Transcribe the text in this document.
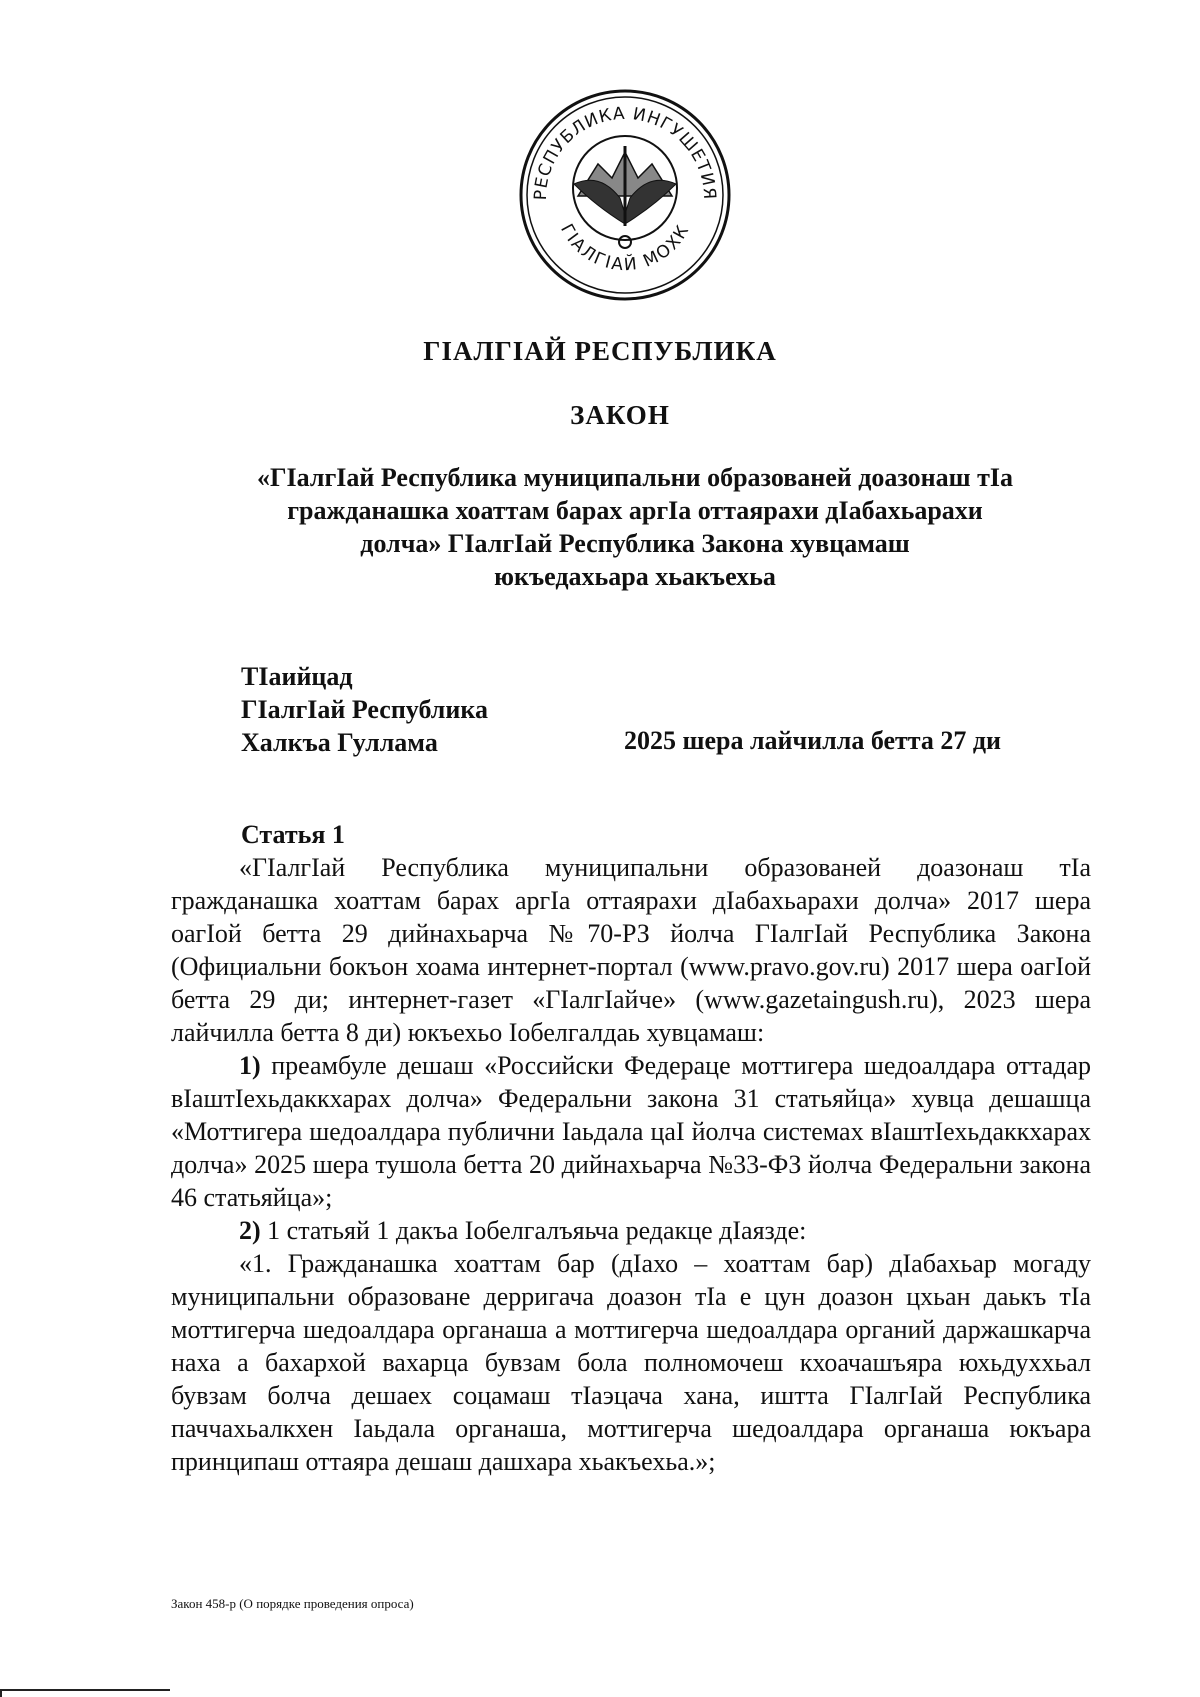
РЕСПУБЛИКА ИНГУШЕТИЯ
ГIАЛГIАЙ МОХК
ГIАЛГIАЙ РЕСПУБЛИКА
ЗАКОН
«ГIалгIай Республика муниципальни образованей доазонаш тIа
гражданашка хоаттам барах аргIа оттаярахи дIабахьарахи
долча» ГIалгIай Республика Закона хувцамаш
юкъедахьара хьакъехьа
ТIаийцад
ГIалгIай Республика
Халкъа Гуллама	2025 шера лайчилла бетта 27 ди

Статья 1

«ГIалгIай Республика муниципальни образованей доазонаш тIа гражданашка хоаттам барах аргIа оттаярахи дIабахьарахи долча» 2017 шера оагIой бетта 29 дийнахьарча №70-РЗ йолча ГIалгIай Республика Закона (Официальни бокъон хоама интернет-портал (www.pravo.gov.ru) 2017 шера оагIой бетта 29 ди; интернет-газет «ГIалгIайче» (www.gazetaingush.ru), 2023 шера лайчилла бетта 8 ди) юкъехьо Iобелгалдаь хувцамаш:

1) преамбуле дешаш «Российски Федераце моттигера шедоалдара оттадар вIаштIехьдаккхарах долча» Федеральни закона 31 статьяйца» хувца дешашца «Моттигера шедоалдара публични Iаьдала цаI йолча системах вIаштIехьдаккхарах долча» 2025 шера тушола бетта 20 дийнахьарча №33-ФЗ йолча Федеральни закона 46 статьяйца»;

2) 1 статьяй 1 дакъа Iобелгалъяьча редакце дIаязде:

«1. Гражданашка хоаттам бар (дIахо – хоаттам бар) дIабахьар могаду муниципальни образоване дерригача доазон тIа е цун доазон цхьан даькъ тIа моттигерча шедоалдара органаша а моттигерча шедоалдара органий даржашкарча наха а бахархой вахарца бувзам бола полномочеш кхоачашъяра юхьдуххьал бувзам болча дешаех соцамаш тIаэцача хана, иштта ГIалгIай Республика паччахьалкхен Iаьдала органаша, моттигерча шедоалдара органаша юкъара принципаш оттаяра дешаш дашхара хьакъехьа.»;

Закон 458-р (О порядке проведения опроса)
